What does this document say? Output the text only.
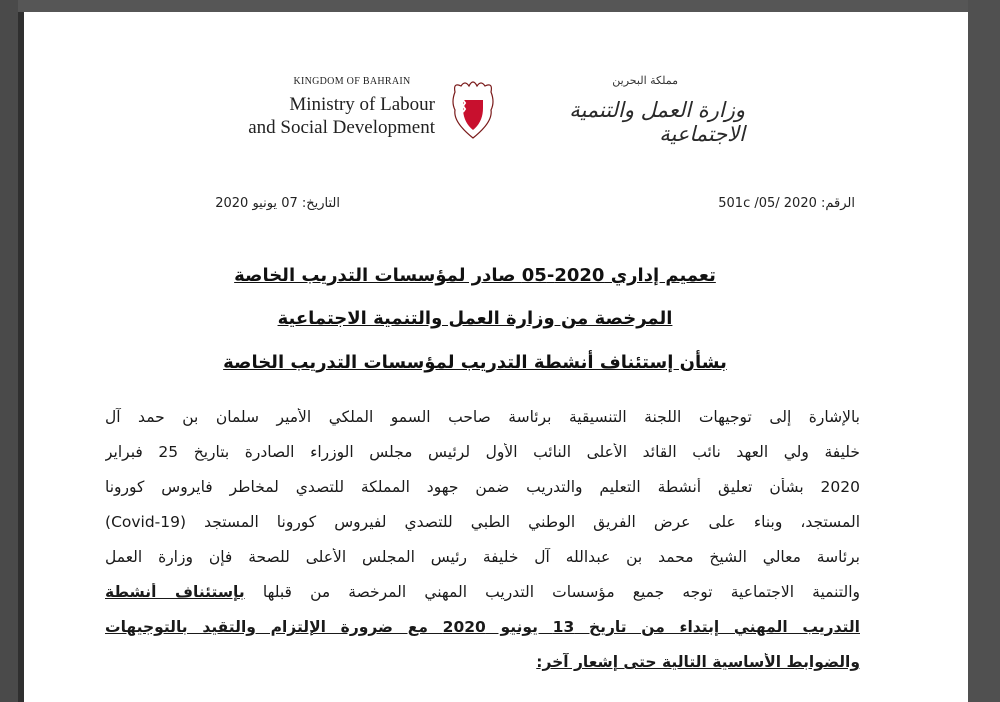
KINGDOM OF BAHRAIN
Ministry of Labour
and Social Development
مملكة البحرين
وزارة العمل والتنمية الاجتماعية
الرقم: 501c /05/ 2020
التاريخ: 07 يونيو 2020
تعميم إداري 2020-05 صادر لمؤسسات التدريب الخاصة
المرخصة من وزارة العمل والتنمية الاجتماعية
بشأن إستئناف أنشطة التدريب لمؤسسات التدريب الخاصة
بالإشارة إلى توجيهات اللجنة التنسيقية برئاسة صاحب السمو الملكي الأمير سلمان بن حمد آل
خليفة ولي العهد نائب القائد الأعلى النائب الأول لرئيس مجلس الوزراء الصادرة بتاريخ 25 فبراير
2020 بشأن تعليق أنشطة التعليم والتدريب ضمن جهود المملكة للتصدي لمخاطر فايروس كورونا
المستجد، وبناء على عرض الفريق الوطني الطبي للتصدي لفيروس كورونا المستجد (Covid-19)
برئاسة معالي الشيخ محمد بن عبدالله آل خليفة رئيس المجلس الأعلى للصحة فإن وزارة العمل
والتنمية الاجتماعية توجه جميع مؤسسات التدريب المهني المرخصة من قبلها بإستئناف أنشطة
التدريب المهني إبتداء من تاريخ 13 يونيو 2020 مع ضرورة الإلتزام والتقيد بالتوجيهات
والضوابط الأساسية التالية حتى إشعار آخر:
